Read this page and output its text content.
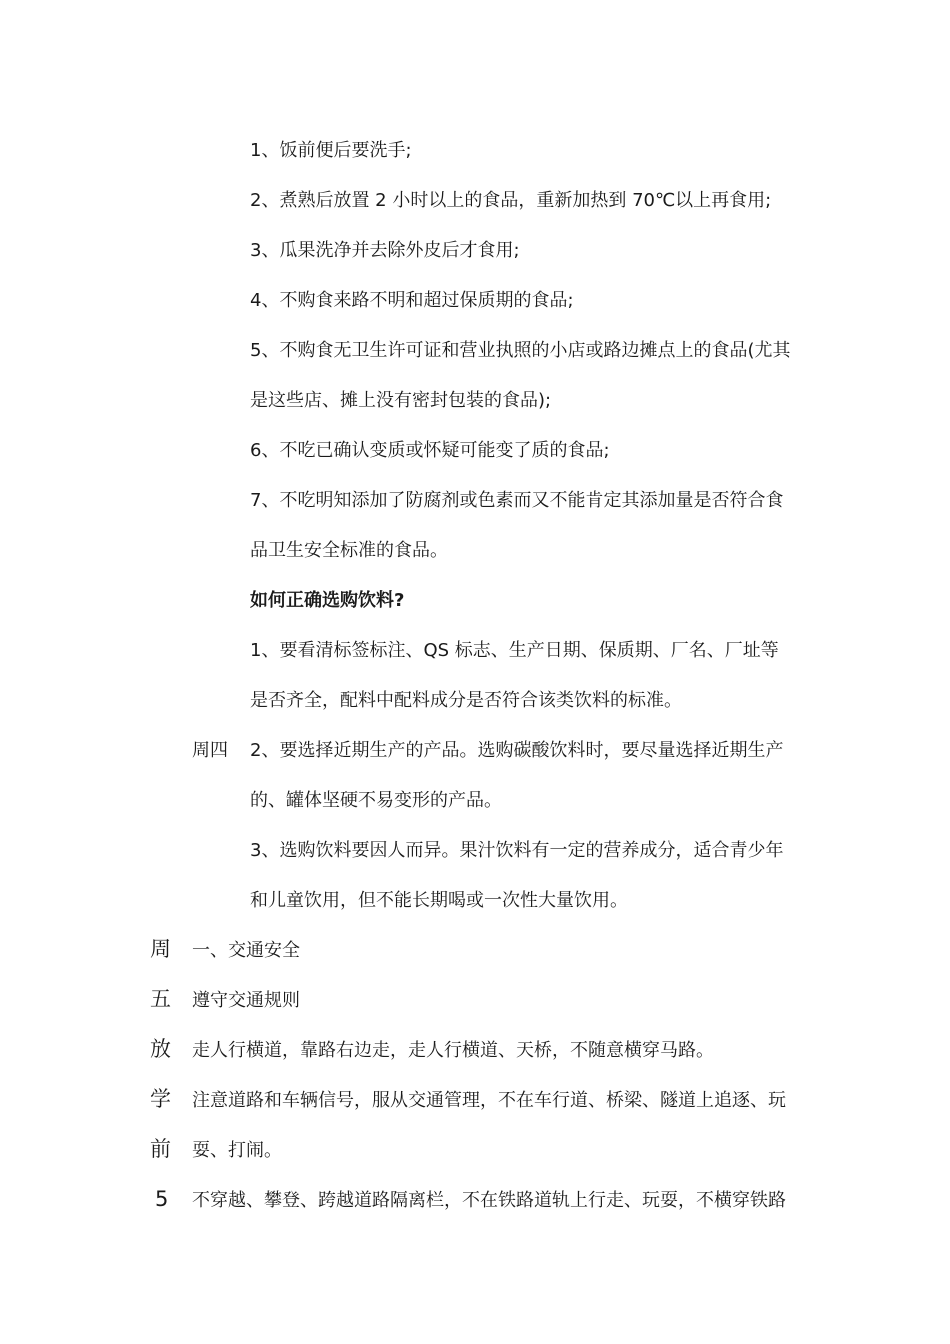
1、饭前便后要洗手;
2、煮熟后放置 2 小时以上的食品，重新加热到 70℃以上再食用;
3、瓜果洗净并去除外皮后才食用;
4、不购食来路不明和超过保质期的食品;
5、不购食无卫生许可证和营业执照的小店或路边摊点上的食品(尤其
是这些店、摊上没有密封包装的食品);
6、不吃已确认变质或怀疑可能变了质的食品;
7、不吃明知添加了防腐剂或色素而又不能肯定其添加量是否符合食
品卫生安全标准的食品。
如何正确选购饮料?
1、要看清标签标注、QS 标志、生产日期、保质期、厂名、厂址等
是否齐全，配料中配料成分是否符合该类饮料的标准。
周四 2、要选择近期生产的产品。选购碳酸饮料时，要尽量选择近期生产
的、罐体坚硬不易变形的产品。
3、选购饮料要因人而异。果汁饮料有一定的营养成分，适合青少年
和儿童饮用，但不能长期喝或一次性大量饮用。
周 一、交通安全
五 遵守交通规则
放 走人行横道，靠路右边走，走人行横道、天桥，不随意横穿马路。
学 注意道路和车辆信号，服从交通管理，不在车行道、桥梁、隧道上追逐、玩
前 耍、打闹。
5 不穿越、攀登、跨越道路隔离栏，不在铁路道轨上行走、玩耍，不横穿铁路
